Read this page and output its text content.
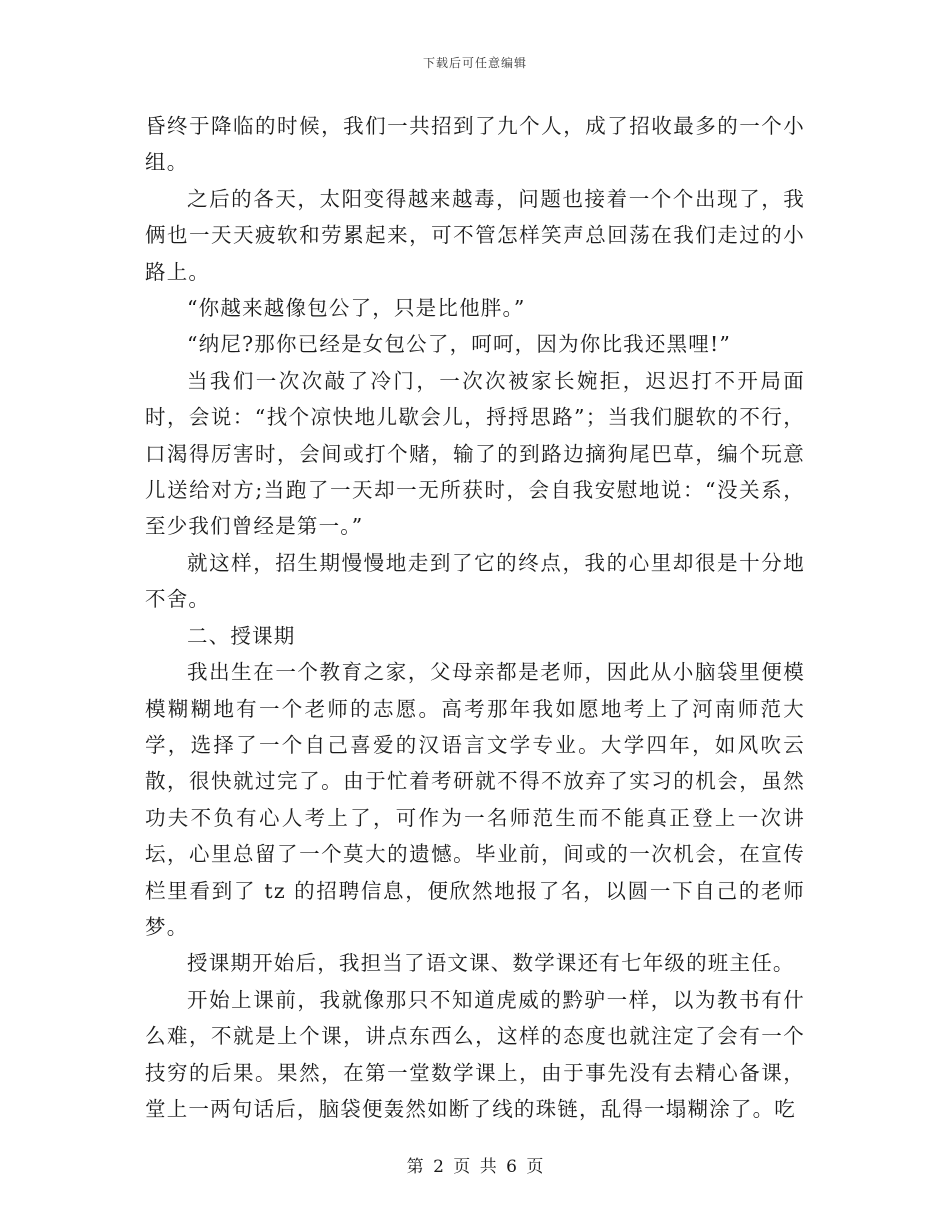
下载后可任意编辑

昏终于降临的时候，我们一共招到了九个人，成了招收最多的一个小组。

之后的各天，太阳变得越来越毒，问题也接着一个个出现了，我俩也一天天疲软和劳累起来，可不管怎样笑声总回荡在我们走过的小路上。

“你越来越像包公了，只是比他胖。”

“纳尼?那你已经是女包公了，呵呵，因为你比我还黑哩!”

当我们一次次敲了冷门，一次次被家长婉拒，迟迟打不开局面时，会说：“找个凉快地儿歇会儿，捋捋思路”；当我们腿软的不行，口渴得厉害时，会间或打个赌，输了的到路边摘狗尾巴草，编个玩意儿送给对方;当跑了一天却一无所获时，会自我安慰地说：“没关系，至少我们曾经是第一。”

就这样，招生期慢慢地走到了它的终点，我的心里却很是十分地不舍。

二、授课期

我出生在一个教育之家，父母亲都是老师，因此从小脑袋里便模模糊糊地有一个老师的志愿。高考那年我如愿地考上了河南师范大学，选择了一个自己喜爱的汉语言文学专业。大学四年，如风吹云散，很快就过完了。由于忙着考研就不得不放弃了实习的机会，虽然功夫不负有心人考上了，可作为一名师范生而不能真正登上一次讲坛，心里总留了一个莫大的遗憾。毕业前，间或的一次机会，在宣传栏里看到了 tz 的招聘信息，便欣然地报了名，以圆一下自己的老师梦。

授课期开始后，我担当了语文课、数学课还有七年级的班主任。

开始上课前，我就像那只不知道虎威的黔驴一样，以为教书有什么难，不就是上个课，讲点东西么，这样的态度也就注定了会有一个技穷的后果。果然，在第一堂数学课上，由于事先没有去精心备课，堂上一两句话后，脑袋便轰然如断了线的珠链，乱得一塌糊涂了。吃

第 2 页 共 6 页
